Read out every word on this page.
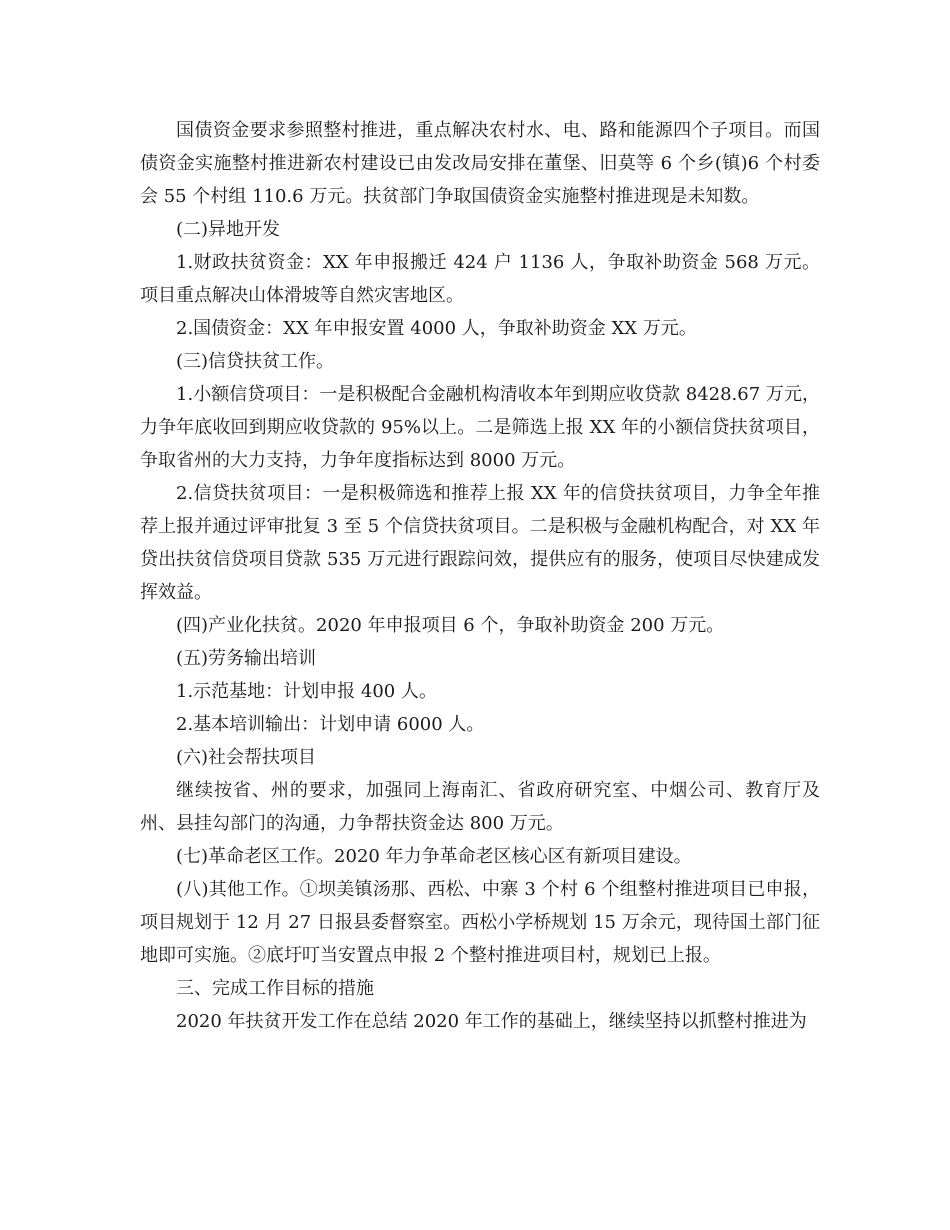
国债资金要求参照整村推进，重点解决农村水、电、路和能源四个子项目。而国债资金实施整村推进新农村建设已由发改局安排在董堡、旧莫等 6 个乡(镇)6 个村委会 55 个村组 110.6 万元。扶贫部门争取国债资金实施整村推进现是未知数。

(二)异地开发

1.财政扶贫资金：XX 年申报搬迁 424 户 1136 人，争取补助资金 568 万元。项目重点解决山体滑坡等自然灾害地区。

2.国债资金：XX 年申报安置 4000 人，争取补助资金 XX 万元。

(三)信贷扶贫工作。

1.小额信贷项目：一是积极配合金融机构清收本年到期应收贷款 8428.67 万元，力争年底收回到期应收贷款的 95%以上。二是筛选上报 XX 年的小额信贷扶贫项目，争取省州的大力支持，力争年度指标达到 8000 万元。

2.信贷扶贫项目：一是积极筛选和推荐上报 XX 年的信贷扶贫项目，力争全年推荐上报并通过评审批复 3 至 5 个信贷扶贫项目。二是积极与金融机构配合，对 XX 年贷出扶贫信贷项目贷款 535 万元进行跟踪问效，提供应有的服务，使项目尽快建成发挥效益。

(四)产业化扶贫。2020 年申报项目 6 个，争取补助资金 200 万元。

(五)劳务输出培训

1.示范基地：计划申报 400 人。

2.基本培训输出：计划申请 6000 人。

(六)社会帮扶项目

继续按省、州的要求，加强同上海南汇、省政府研究室、中烟公司、教育厅及州、县挂勾部门的沟通，力争帮扶资金达 800 万元。

(七)革命老区工作。2020 年力争革命老区核心区有新项目建设。

(八)其他工作。①坝美镇汤那、西松、中寨 3 个村 6 个组整村推进项目已申报，项目规划于 12 月 27 日报县委督察室。西松小学桥规划 15 万余元，现待国土部门征地即可实施。②底圩叮当安置点申报 2 个整村推进项目村，规划已上报。

三、完成工作目标的措施

2020 年扶贫开发工作在总结 2020 年工作的基础上，继续坚持以抓整村推进为
